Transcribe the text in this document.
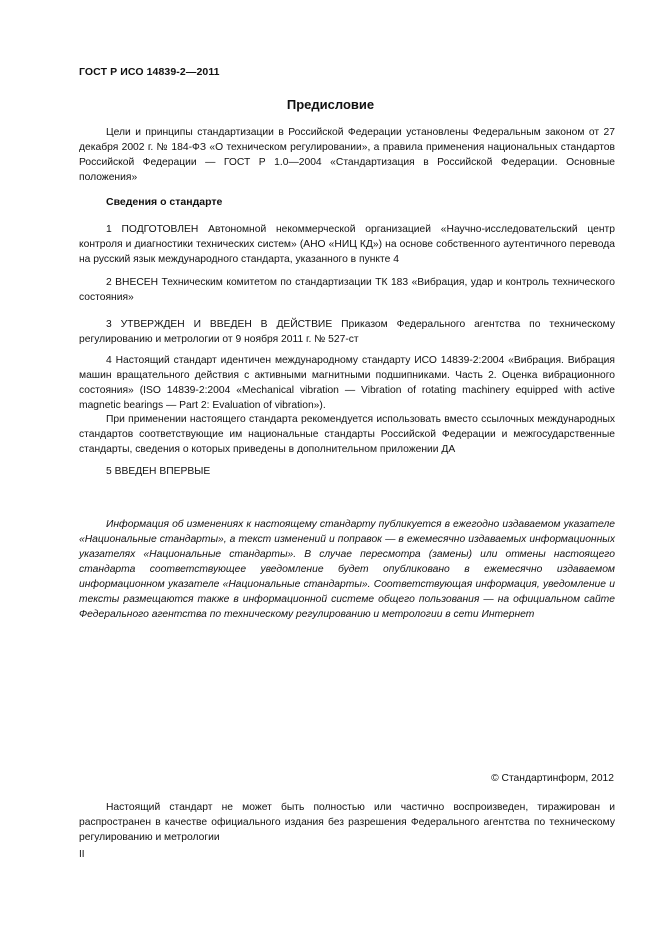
ГОСТ Р ИСО 14839-2—2011
Предисловие
Цели и принципы стандартизации в Российской Федерации установлены Федеральным законом от 27 декабря 2002 г. № 184-ФЗ «О техническом регулировании», а правила применения национальных стандартов Российской Федерации — ГОСТ Р 1.0—2004 «Стандартизация в Российской Федерации. Основные положения»
Сведения о стандарте
1 ПОДГОТОВЛЕН Автономной некоммерческой организацией «Научно-исследовательский центр контроля и диагностики технических систем» (АНО «НИЦ КД») на основе собственного аутентичного перевода на русский язык международного стандарта, указанного в пункте 4
2 ВНЕСЕН Техническим комитетом по стандартизации ТК 183 «Вибрация, удар и контроль технического состояния»
3 УТВЕРЖДЕН И ВВЕДЕН В ДЕЙСТВИЕ Приказом Федерального агентства по техническому регулированию и метрологии от 9 ноября 2011 г. № 527-ст
4 Настоящий стандарт идентичен международному стандарту ИСО 14839-2:2004 «Вибрация. Вибрация машин вращательного действия с активными магнитными подшипниками. Часть 2. Оценка вибрационного состояния» (ISO 14839-2:2004 «Mechanical vibration — Vibration of rotating machinery equipped with active magnetic bearings — Part 2: Evaluation of vibration»).
При применении настоящего стандарта рекомендуется использовать вместо ссылочных международных стандартов соответствующие им национальные стандарты Российской Федерации и межгосударственные стандарты, сведения о которых приведены в дополнительном приложении ДА
5 ВВЕДЕН ВПЕРВЫЕ
Информация об изменениях к настоящему стандарту публикуется в ежегодно издаваемом указателе «Национальные стандарты», а текст изменений и поправок — в ежемесячно издаваемых информационных указателях «Национальные стандарты». В случае пересмотра (замены) или отмены настоящего стандарта соответствующее уведомление будет опубликовано в ежемесячно издаваемом информационном указателе «Национальные стандарты». Соответствующая информация, уведомление и тексты размещаются также в информационной системе общего пользования — на официальном сайте Федерального агентства по техническому регулированию и метрологии в сети Интернет
© Стандартинформ, 2012
Настоящий стандарт не может быть полностью или частично воспроизведен, тиражирован и распространен в качестве официального издания без разрешения Федерального агентства по техническому регулированию и метрологии
II
